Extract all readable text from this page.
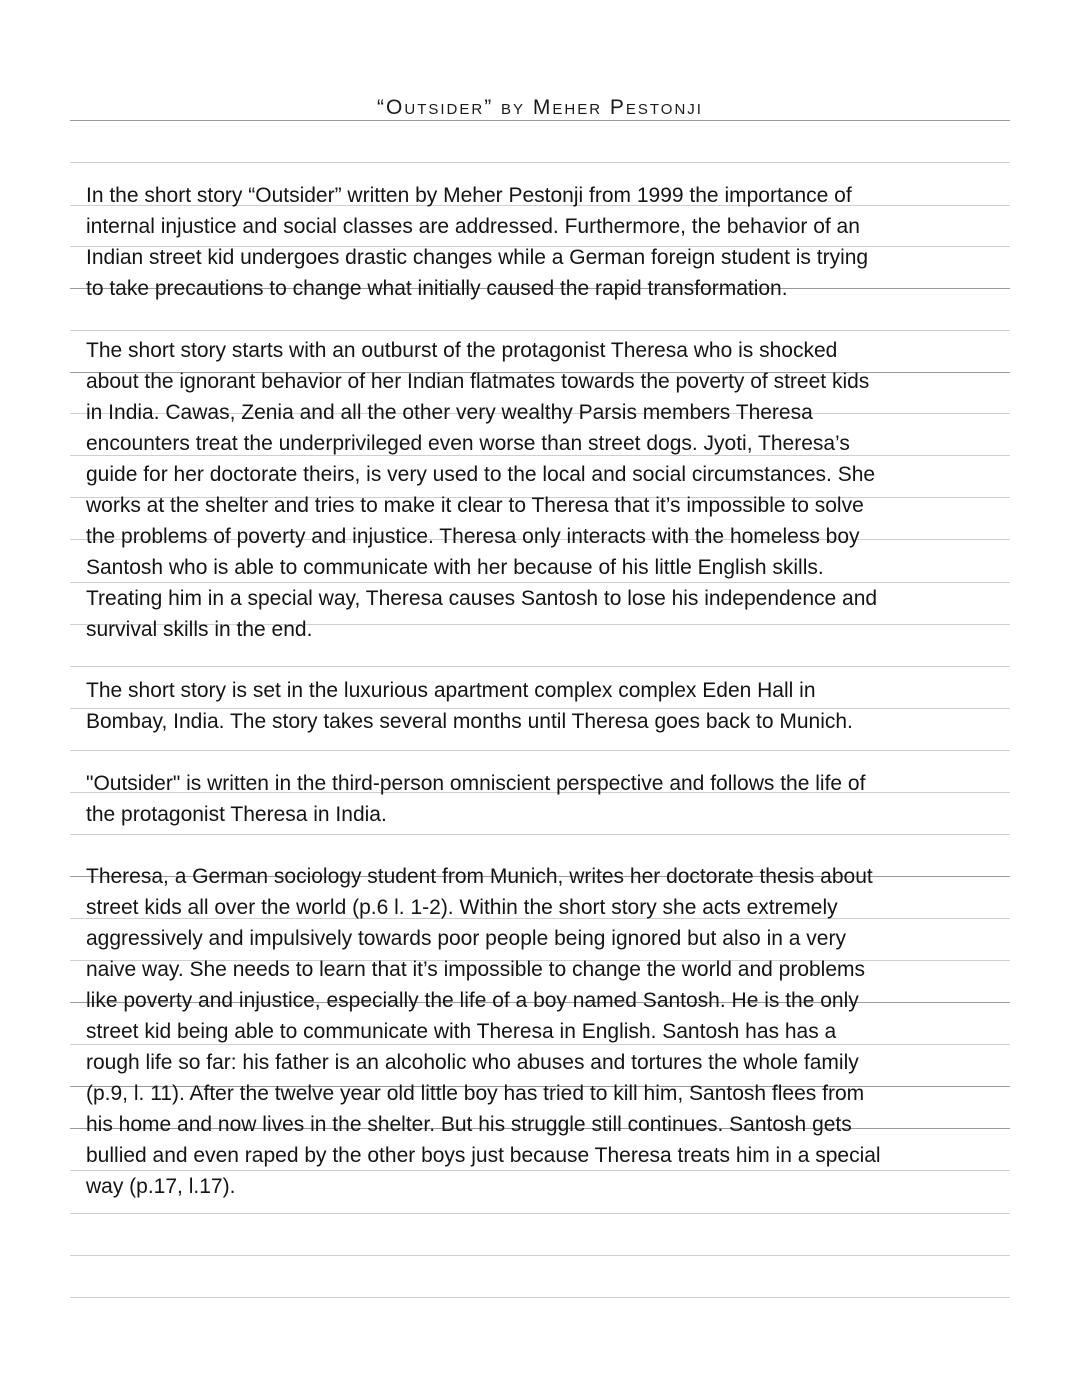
“Outsider” by Meher Pestonji
In the short story “Outsider” written by Meher Pestonji from 1999 the importance of
internal injustice and social classes are addressed. Furthermore, the behavior of an
Indian street kid undergoes drastic changes while a German foreign student is trying
to take precautions to change what initially caused the rapid transformation.
The short story starts with an outburst of the protagonist Theresa who is shocked
about the ignorant behavior of her Indian flatmates towards the poverty of street kids
in India. Cawas, Zenia and all the other very wealthy Parsis members Theresa
encounters treat the underprivileged even worse than street dogs. Jyoti, Theresa’s
guide for her doctorate theirs, is very used to the local and social circumstances. She
works at the shelter and tries to make it clear to Theresa that it’s impossible to solve
the problems of poverty and injustice. Theresa only interacts with the homeless boy
Santosh who is able to communicate with her because of his little English skills.
Treating him in a special way, Theresa causes Santosh to lose his independence and
survival skills in the end.
The short story is set in the luxurious apartment complex complex Eden Hall in
Bombay, India. The story takes several months until Theresa goes back to Munich.
"Outsider" is written in the third-person omniscient perspective and follows the life of
the protagonist Theresa in India.
Theresa, a German sociology student from Munich, writes her doctorate thesis about
street kids all over the world (p.6 l. 1-2). Within the short story she acts extremely
aggressively and impulsively towards poor people being ignored but also in a very
naive way. She needs to learn that it’s impossible to change the world and problems
like poverty and injustice, especially the life of a boy named Santosh. He is the only
street kid being able to communicate with Theresa in English. Santosh has has a
rough life so far: his father is an alcoholic who abuses and tortures the whole family
(p.9, l. 11). After the twelve year old little boy has tried to kill him, Santosh flees from
his home and now lives in the shelter. But his struggle still continues. Santosh gets
bullied and even raped by the other boys just because Theresa treats him in a special
way (p.17, l.17).
